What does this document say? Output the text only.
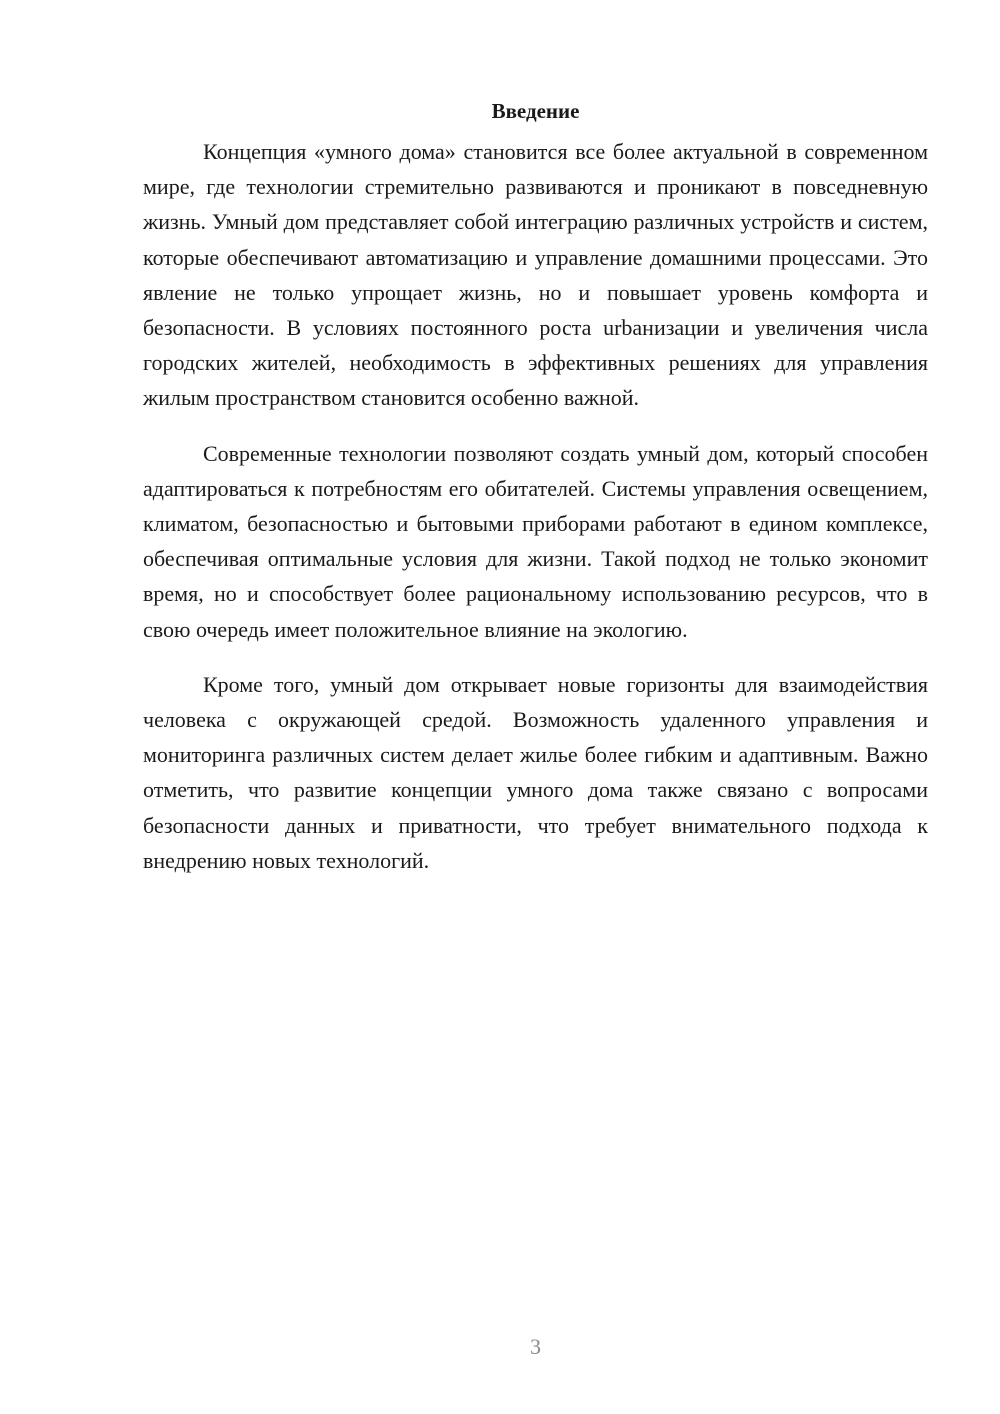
Введение

Концепция «умного дома» становится все более актуальной в современном мире, где технологии стремительно развиваются и проникают в повседневную жизнь. Умный дом представляет собой интеграцию различных устройств и систем, которые обеспечивают автоматизацию и управление домашними процессами. Это явление не только упрощает жизнь, но и повышает уровень комфорта и безопасности. В условиях постоянного роста urbанизации и увеличения числа городских жителей, необходимость в эффективных решениях для управления жилым пространством становится особенно важной.

Современные технологии позволяют создать умный дом, который способен адаптироваться к потребностям его обитателей. Системы управления освещением, климатом, безопасностью и бытовыми приборами работают в едином комплексе, обеспечивая оптимальные условия для жизни. Такой подход не только экономит время, но и способствует более рациональному использованию ресурсов, что в свою очередь имеет положительное влияние на экологию.

Кроме того, умный дом открывает новые горизонты для взаимодействия человека с окружающей средой. Возможность удаленного управления и мониторинга различных систем делает жилье более гибким и адаптивным. Важно отметить, что развитие концепции умного дома также связано с вопросами безопасности данных и приватности, что требует внимательного подхода к внедрению новых технологий.

3
